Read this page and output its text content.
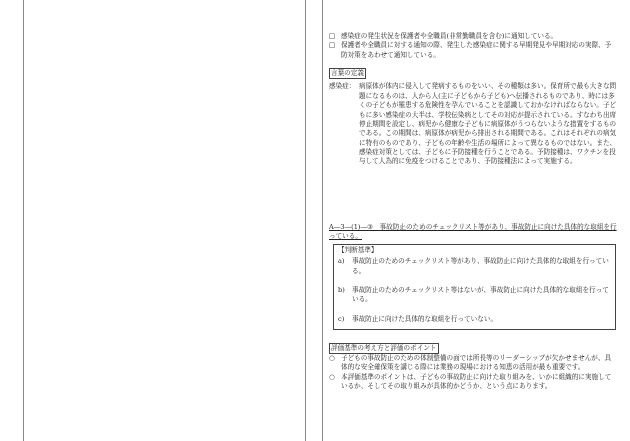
□ 感染症の発生状況を保護者や全職員(非常勤職員を含む)に通知している。
□ 保護者や全職員に対する通知の際、発生した感染症に関する早期発見や早期対応の実際、予防対策をあわせて通知している。
言葉の定義
感染症： 病原体が体内に侵入して発病するものをいい、その種類は多い。保育所で最も大きな問題になるものは、人から人(主に子どもから子ども)へ伝播されるものであり、時には多くの子どもが罹患する危険性を孕んでいることを認識しておかなければならない。子どもに多い感染症の大半は、学校伝染病としてその対応が提示されている。すなわち出席停止期間を設定し、病児から健康な子どもに病原体がうつらないような措置をするものである。この期間は、病原体が病児から排出される期間である。これはそれぞれの病気に特有のものであり、子どもの年齢や生活の場所によって異なるものではない。また、感染症対策としては、子どもに予防接種を行うことである。予防接種は、ワクチンを投与して人為的に免疫をつけることであり、予防接種法によって実施する。
A―3―(1)―③　事故防止のためのチェックリスト等があり、事故防止に向けた具体的な取組を行っている。
【判断基準】
a)	事故防止のためのチェックリスト等があり、事故防止に向けた具体的な取組を行っている。
b)	事故防止のためのチェックリスト等はないが、事故防止に向けた具体的な取組を行っている。
c)	事故防止に向けた具体的な取組を行っていない。
評価基準の考え方と評価のポイント
○ 子どもの事故防止のための体制整備の面では所長等のリーダーシップが欠かせませんが、具体的な安全確保策を講じる際には業務の現場における知恵の活用が最も重要です。
○ 本評価基準のポイントは、子どもの事故防止に向けた取り組みを、いかに組織的に実施しているか、そしてその取り組みが具体的かどうか、という点にあります。
